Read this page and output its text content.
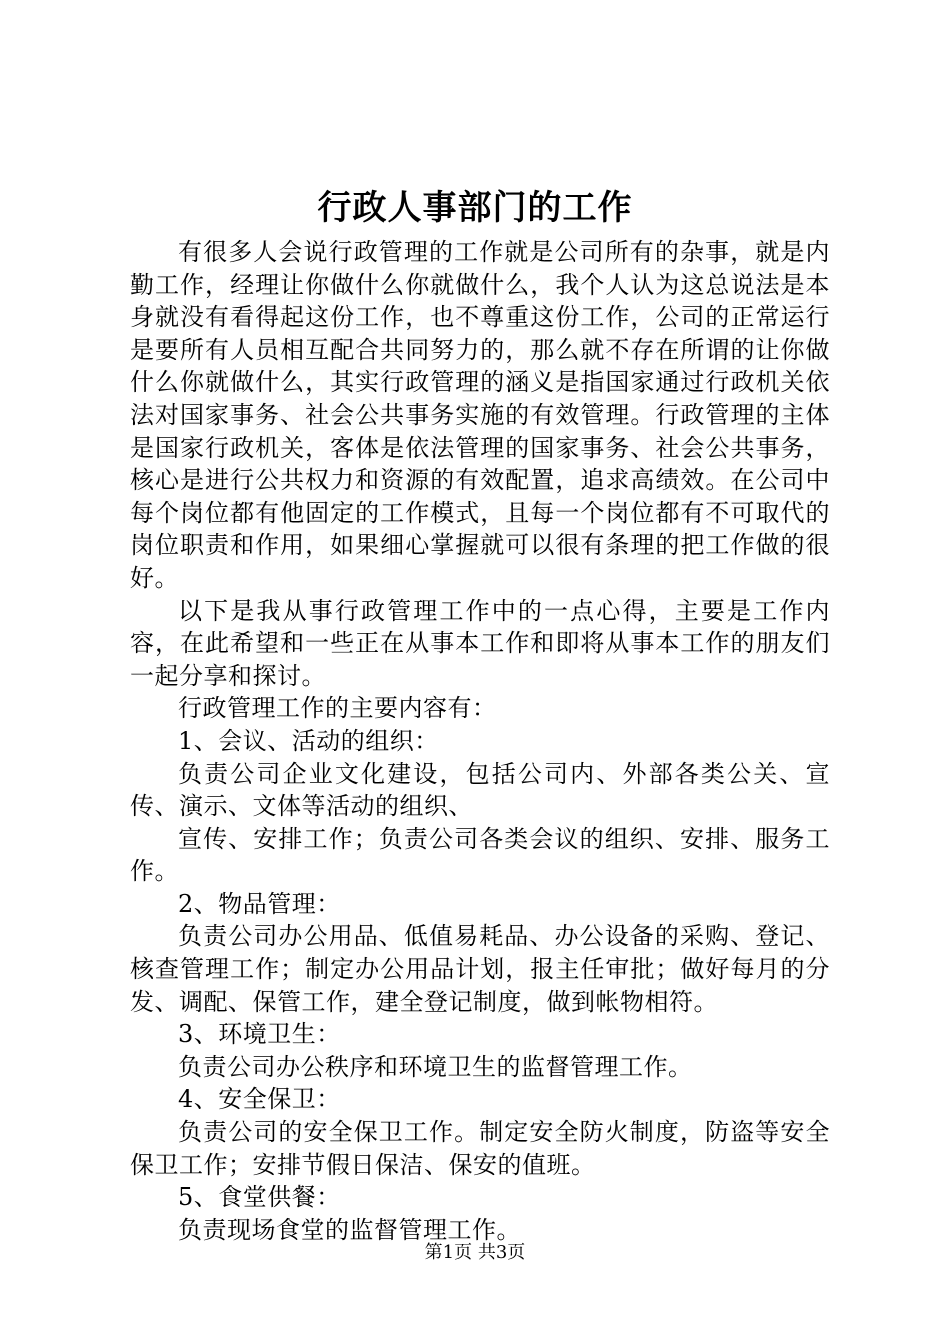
行政人事部门的工作

有很多人会说行政管理的工作就是公司所有的杂事，就是内勤工作，经理让你做什么你就做什么，我个人认为这总说法是本身就没有看得起这份工作，也不尊重这份工作，公司的正常运行是要所有人员相互配合共同努力的，那么就不存在所谓的让你做什么你就做什么，其实行政管理的涵义是指国家通过行政机关依法对国家事务、社会公共事务实施的有效管理。行政管理的主体是国家行政机关，客体是依法管理的国家事务、社会公共事务，核心是进行公共权力和资源的有效配置，追求高绩效。在公司中每个岗位都有他固定的工作模式，且每一个岗位都有不可取代的岗位职责和作用，如果细心掌握就可以很有条理的把工作做的很好。

以下是我从事行政管理工作中的一点心得，主要是工作内容，在此希望和一些正在从事本工作和即将从事本工作的朋友们一起分享和探讨。

行政管理工作的主要内容有：

1、会议、活动的组织：

负责公司企业文化建设，包括公司内、外部各类公关、宣传、演示、文体等活动的组织、

宣传、安排工作；负责公司各类会议的组织、安排、服务工作。

2、物品管理：

负责公司办公用品、低值易耗品、办公设备的采购、登记、核查管理工作；制定办公用品计划，报主任审批；做好每月的分发、调配、保管工作，建全登记制度，做到帐物相符。

3、环境卫生：

负责公司办公秩序和环境卫生的监督管理工作。

4、安全保卫：

负责公司的安全保卫工作。制定安全防火制度，防盗等安全保卫工作；安排节假日保洁、保安的值班。

5、食堂供餐：

负责现场食堂的监督管理工作。

第1页 共3页
